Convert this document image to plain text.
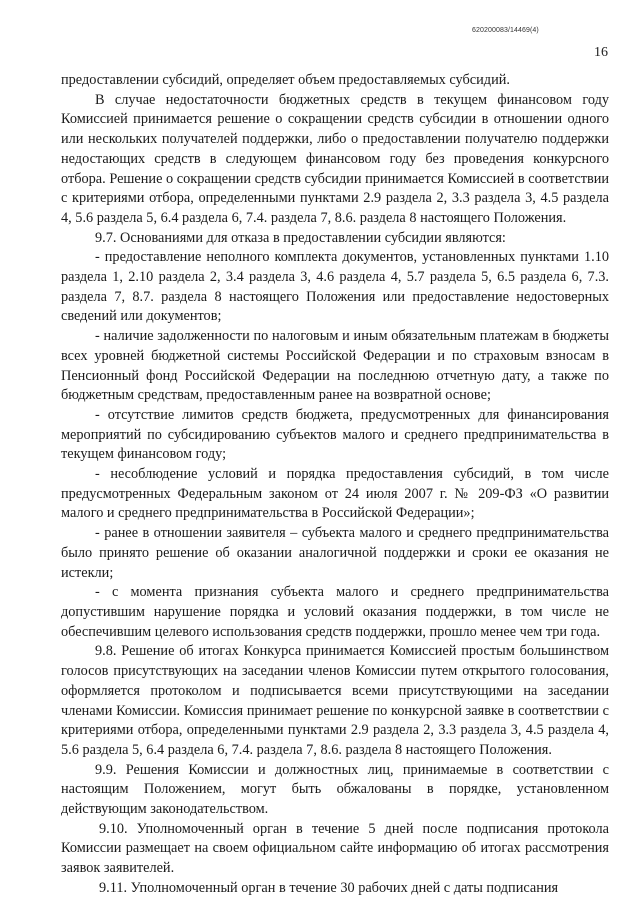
620200083/14469(4)
16

предоставлении субсидий, определяет объем предоставляемых субсидий.

В случае недостаточности бюджетных средств в текущем финансовом году Комиссией принимается решение о сокращении средств субсидии в отношении одного или нескольких получателей поддержки, либо о предоставлении получателю поддержки недостающих средств в следующем финансовом году без проведения конкурсного отбора. Решение о сокращении средств субсидии принимается Комиссией в соответствии с критериями отбора, определенными пунктами 2.9 раздела 2, 3.3 раздела 3, 4.5 раздела 4, 5.6 раздела 5, 6.4 раздела 6, 7.4. раздела 7, 8.6. раздела 8 настоящего Положения.

9.7. Основаниями для отказа в предоставлении субсидии являются:

- предоставление неполного комплекта документов, установленных пунктами 1.10 раздела 1, 2.10 раздела 2, 3.4 раздела 3, 4.6 раздела 4, 5.7 раздела 5, 6.5 раздела 6, 7.3. раздела 7, 8.7. раздела 8 настоящего Положения или предоставление недостоверных сведений или документов;

- наличие задолженности по налоговым и иным обязательным платежам в бюджеты всех уровней бюджетной системы Российской Федерации и по страховым взносам в Пенсионный фонд Российской Федерации на последнюю отчетную дату, а также по бюджетным средствам, предоставленным ранее на возвратной основе;

- отсутствие лимитов средств бюджета, предусмотренных для финансирования мероприятий по субсидированию субъектов малого и среднего предпринимательства в текущем финансовом году;

- несоблюдение условий и порядка предоставления субсидий, в том числе предусмотренных Федеральным законом от 24 июля 2007 г. № 209-ФЗ «О развитии малого и среднего предпринимательства в Российской Федерации»;

- ранее в отношении заявителя – субъекта малого и среднего предпринимательства было принято решение об оказании аналогичной поддержки и сроки ее оказания не истекли;

- с момента признания субъекта малого и среднего предпринимательства допустившим нарушение порядка и условий оказания поддержки, в том числе не обеспечившим целевого использования средств поддержки, прошло менее чем три года.

9.8. Решение об итогах Конкурса принимается Комиссией простым большинством голосов присутствующих на заседании членов Комиссии путем открытого голосования, оформляется протоколом и подписывается всеми присутствующими на заседании членами Комиссии. Комиссия принимает решение по конкурсной заявке в соответствии с критериями отбора, определенными пунктами 2.9 раздела 2, 3.3 раздела 3, 4.5 раздела 4, 5.6 раздела 5, 6.4 раздела 6, 7.4. раздела 7, 8.6. раздела 8 настоящего Положения.

9.9. Решения Комиссии и должностных лиц, принимаемые в соответствии с настоящим Положением, могут быть обжалованы в порядке, установленном действующим законодательством.

9.10. Уполномоченный орган в течение 5 дней после подписания протокола Комиссии размещает на своем официальном сайте информацию об итогах рассмотрения заявок заявителей.

9.11. Уполномоченный орган в течение 30 рабочих дней с даты подписания
